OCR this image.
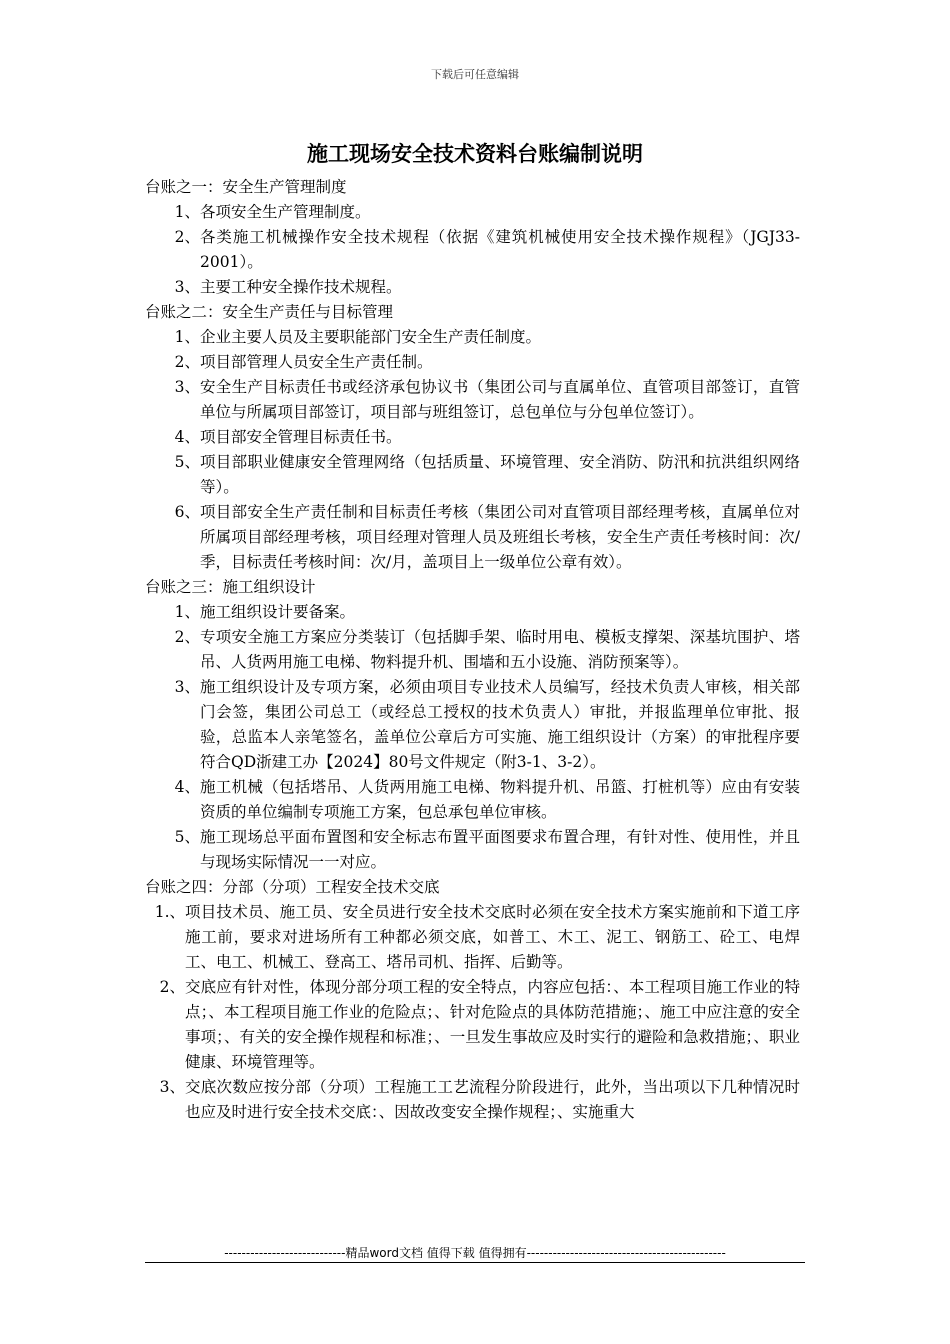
下载后可任意编辑
施工现场安全技术资料台账编制说明
台账之一：安全生产管理制度
1、 各项安全生产管理制度。
2、 各类施工机械操作安全技术规程（依据《建筑机械使用安全技术操作规程》（JGJ33-2001）。
3、 主要工种安全操作技术规程。
台账之二：安全生产责任与目标管理
1、 企业主要人员及主要职能部门安全生产责任制度。
2、 项目部管理人员安全生产责任制。
3、 安全生产目标责任书或经济承包协议书（集团公司与直属单位、直管项目部签订，直管单位与所属项目部签订，项目部与班组签订，总包单位与分包单位签订）。
4、 项目部安全管理目标责任书。
5、 项目部职业健康安全管理网络（包括质量、环境管理、安全消防、防汛和抗洪组织网络等）。
6、 项目部安全生产责任制和目标责任考核（集团公司对直管项目部经理考核，直属单位对所属项目部经理考核，项目经理对管理人员及班组长考核，安全生产责任考核时间：次/季，目标责任考核时间：次/月，盖项目上一级单位公章有效）。
台账之三：施工组织设计
1、 施工组织设计要备案。
2、 专项安全施工方案应分类装订（包括脚手架、临时用电、模板支撑架、深基坑围护、塔吊、人货两用施工电梯、物料提升机、围墙和五小设施、消防预案等）。
3、 施工组织设计及专项方案，必须由项目专业技术人员编写，经技术负责人审核，相关部门会签，集团公司总工（或经总工授权的技术负责人）审批，并报监理单位审批、报验，总监本人亲笔签名，盖单位公章后方可实施、施工组织设计（方案）的审批程序要符合QD浙建工办【2024】80号文件规定（附3-1、3-2）。
4、 施工机械（包括塔吊、人货两用施工电梯、物料提升机、吊篮、打桩机等）应由有安装资质的单位编制专项施工方案，包总承包单位审核。
5、 施工现场总平面布置图和安全标志布置平面图要求布置合理，有针对性、使用性，并且与现场实际情况一一对应。
台账之四：分部（分项）工程安全技术交底
1.、 项目技术员、施工员、安全员进行安全技术交底时必须在安全技术方案实施前和下道工序施工前，要求对进场所有工种都必须交底，如普工、木工、泥工、钢筋工、砼工、电焊工、电工、机械工、登高工、塔吊司机、指挥、后勤等。
2、 交底应有针对性，体现分部分项工程的安全特点，内容应包括：、本工程项目施工作业的特点；、本工程项目施工作业的危险点；、针对危险点的具体防范措施；、施工中应注意的安全事项；、有关的安全操作规程和标准；、一旦发生事故应及时实行的避险和急救措施；、职业健康、环境管理等。
3、 交底次数应按分部（分项）工程施工工艺流程分阶段进行，此外，当出项以下几种情况时也应及时进行安全技术交底：、因故改变安全操作规程；、实施重大
----------------------------精品word文档 值得下载 值得拥有----------------------------------------------
